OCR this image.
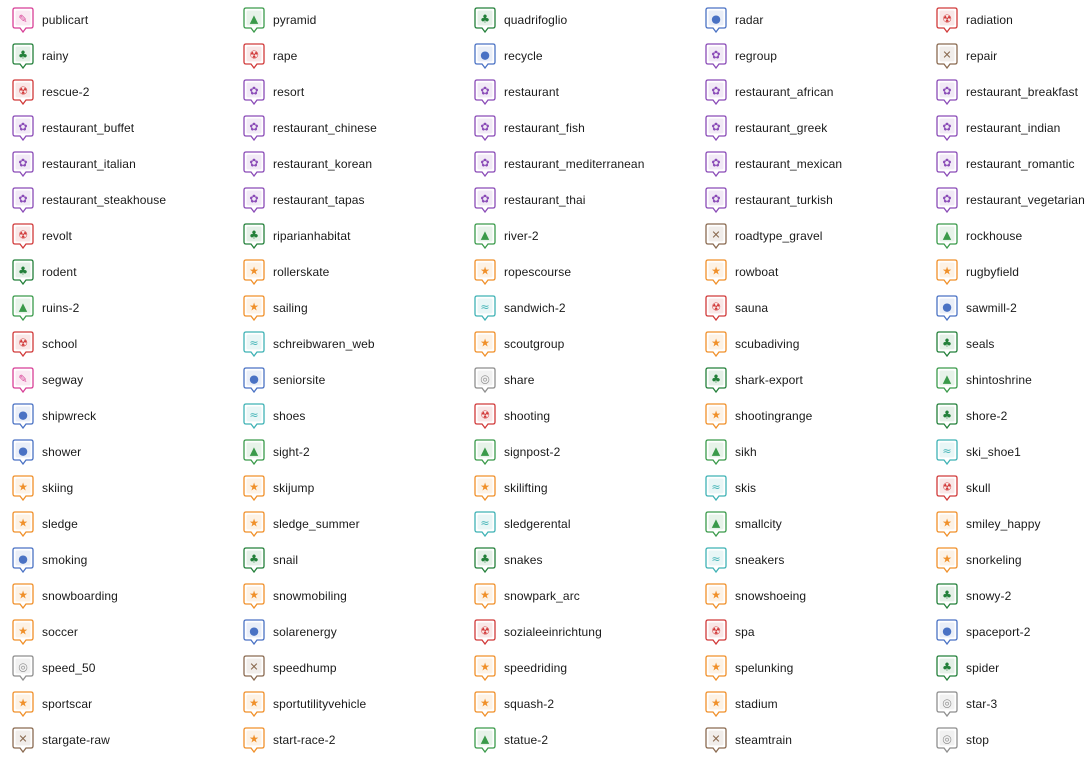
✎ publicart	▲ pyramid	♣ quadrifoglio	● radar	☢ radiation
♣ rainy	☢ rape	● recycle	✿ regroup	✕ repair
☢ rescue-2	✿ resort	✿ restaurant	✿ restaurant_african	✿ restaurant_breakfast
✿ restaurant_buffet	✿ restaurant_chinese	✿ restaurant_fish	✿ restaurant_greek	✿ restaurant_indian
✿ restaurant_italian	✿ restaurant_korean	✿ restaurant_mediterranean	✿ restaurant_mexican	✿ restaurant_romantic
✿ restaurant_steakhouse	✿ restaurant_tapas	✿ restaurant_thai	✿ restaurant_turkish	✿ restaurant_vegetarian
☢ revolt	♣ riparianhabitat	▲ river-2	✕ roadtype_gravel	▲ rockhouse
♣ rodent	★ rollerskate	★ ropescourse	★ rowboat	★ rugbyfield
▲ ruins-2	★ sailing	≈ sandwich-2	☢ sauna	● sawmill-2
☢ school	≈ schreibwaren_web	★ scoutgroup	★ scubadiving	♣ seals
✎ segway	● seniorsite	◎ share	♣ shark-export	▲ shintoshrine
● shipwreck	≈ shoes	☢ shooting	★ shootingrange	♣ shore-2
● shower	▲ sight-2	▲ signpost-2	▲ sikh	≈ ski_shoe1
★ skiing	★ skijump	★ skilifting	≈ skis	☢ skull
★ sledge	★ sledge_summer	≈ sledgerental	▲ smallcity	★ smiley_happy
● smoking	♣ snail	♣ snakes	≈ sneakers	★ snorkeling
★ snowboarding	★ snowmobiling	★ snowpark_arc	★ snowshoeing	♣ snowy-2
★ soccer	● solarenergy	☢ sozialeeinrichtung	☢ spa	● spaceport-2
◎ speed_50	✕ speedhump	★ speedriding	★ spelunking	♣ spider
★ sportscar	★ sportutilityvehicle	★ squash-2	★ stadium	◎ star-3
✕ stargate-raw	★ start-race-2	▲ statue-2	✕ steamtrain	◎ stop
